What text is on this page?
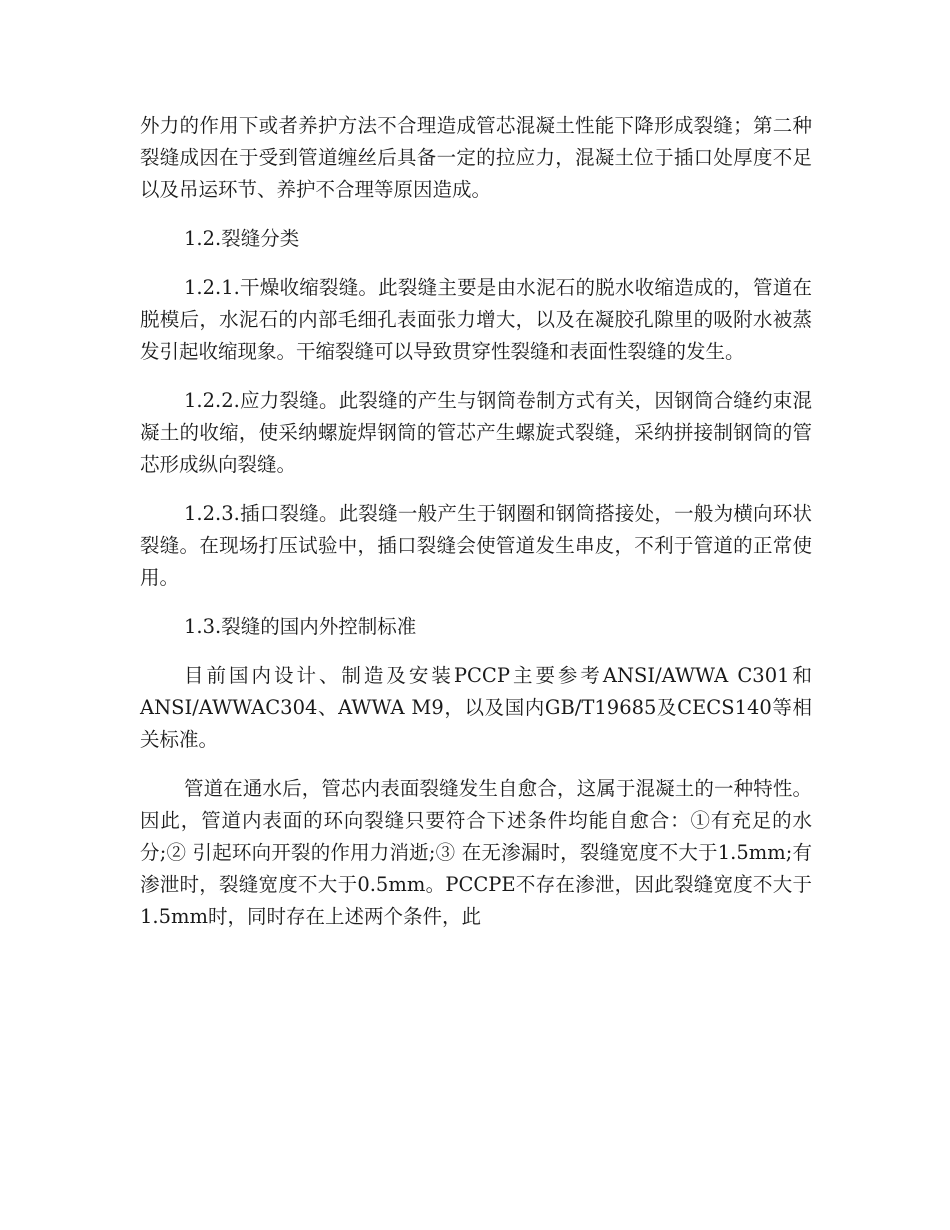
外力的作用下或者养护方法不合理造成管芯混凝土性能下降形成裂缝；第二种裂缝成因在于受到管道缠丝后具备一定的拉应力，混凝土位于插口处厚度不足以及吊运环节、养护不合理等原因造成。

1.2.裂缝分类

1.2.1.干燥收缩裂缝。此裂缝主要是由水泥石的脱水收缩造成的，管道在脱模后，水泥石的内部毛细孔表面张力增大，以及在凝胶孔隙里的吸附水被蒸发引起收缩现象。干缩裂缝可以导致贯穿性裂缝和表面性裂缝的发生。

1.2.2.应力裂缝。此裂缝的产生与钢筒卷制方式有关，因钢筒合缝约束混凝土的收缩，使采纳螺旋焊钢筒的管芯产生螺旋式裂缝，采纳拼接制钢筒的管芯形成纵向裂缝。

1.2.3.插口裂缝。此裂缝一般产生于钢圈和钢筒搭接处，一般为横向环状裂缝。在现场打压试验中，插口裂缝会使管道发生串皮，不利于管道的正常使用。

1.3.裂缝的国内外控制标准

目前国内设计、制造及安装PCCP主要参考ANSI/AWWA C301和ANSI/AWWAC304、AWWA M9，以及国内GB/T19685及CECS140等相关标准。

管道在通水后，管芯内表面裂缝发生自愈合，这属于混凝土的一种特性。因此，管道内表面的环向裂缝只要符合下述条件均能自愈合：①有充足的水分;② 引起环向开裂的作用力消逝;③ 在无渗漏时，裂缝宽度不大于1.5mm;有渗泄时，裂缝宽度不大于0.5mm。PCCPE不存在渗泄，因此裂缝宽度不大于1.5mm时，同时存在上述两个条件，此
